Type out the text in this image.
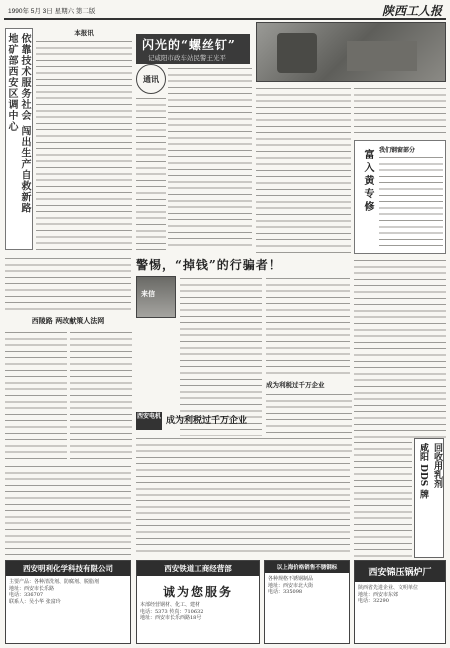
1990年 5月 3日 星期六 第二版	陕西工人报
地矿部西安区调中心 依靠技术服务社会 闯出生产自救新路	本报讯
闪光的“螺丝钉”
记咸阳市政车站民警王光平
通讯
富入黄专修	我们钢窗部分
警惕，“掉钱”的行骗者！
来信
西陵路 两改献策人法网
成为利税过千万企业
西安电机 成为利税过千万企业
咸阳 DDS 牌 回收用乳剂
西安明利化学科技有限公司
主要产品：各种清洗剂、防腐剂、脱脂剂
地址：西安市长乐路
电话：336707
联系人：吴小华 张富玲
西安铁道工商经营部
诚为您服务
本部经营钢材、化工、建材
电话：5373 传真：710632
地址：西安市长乐西路18号
以上海价格销售不锈钢标
各种规格不锈钢制品
地址：西安市北大街
电话：335098
西安锦压锅炉厂
陕西省先进企业、文明单位
地址：西安市东郊
电话：32290
